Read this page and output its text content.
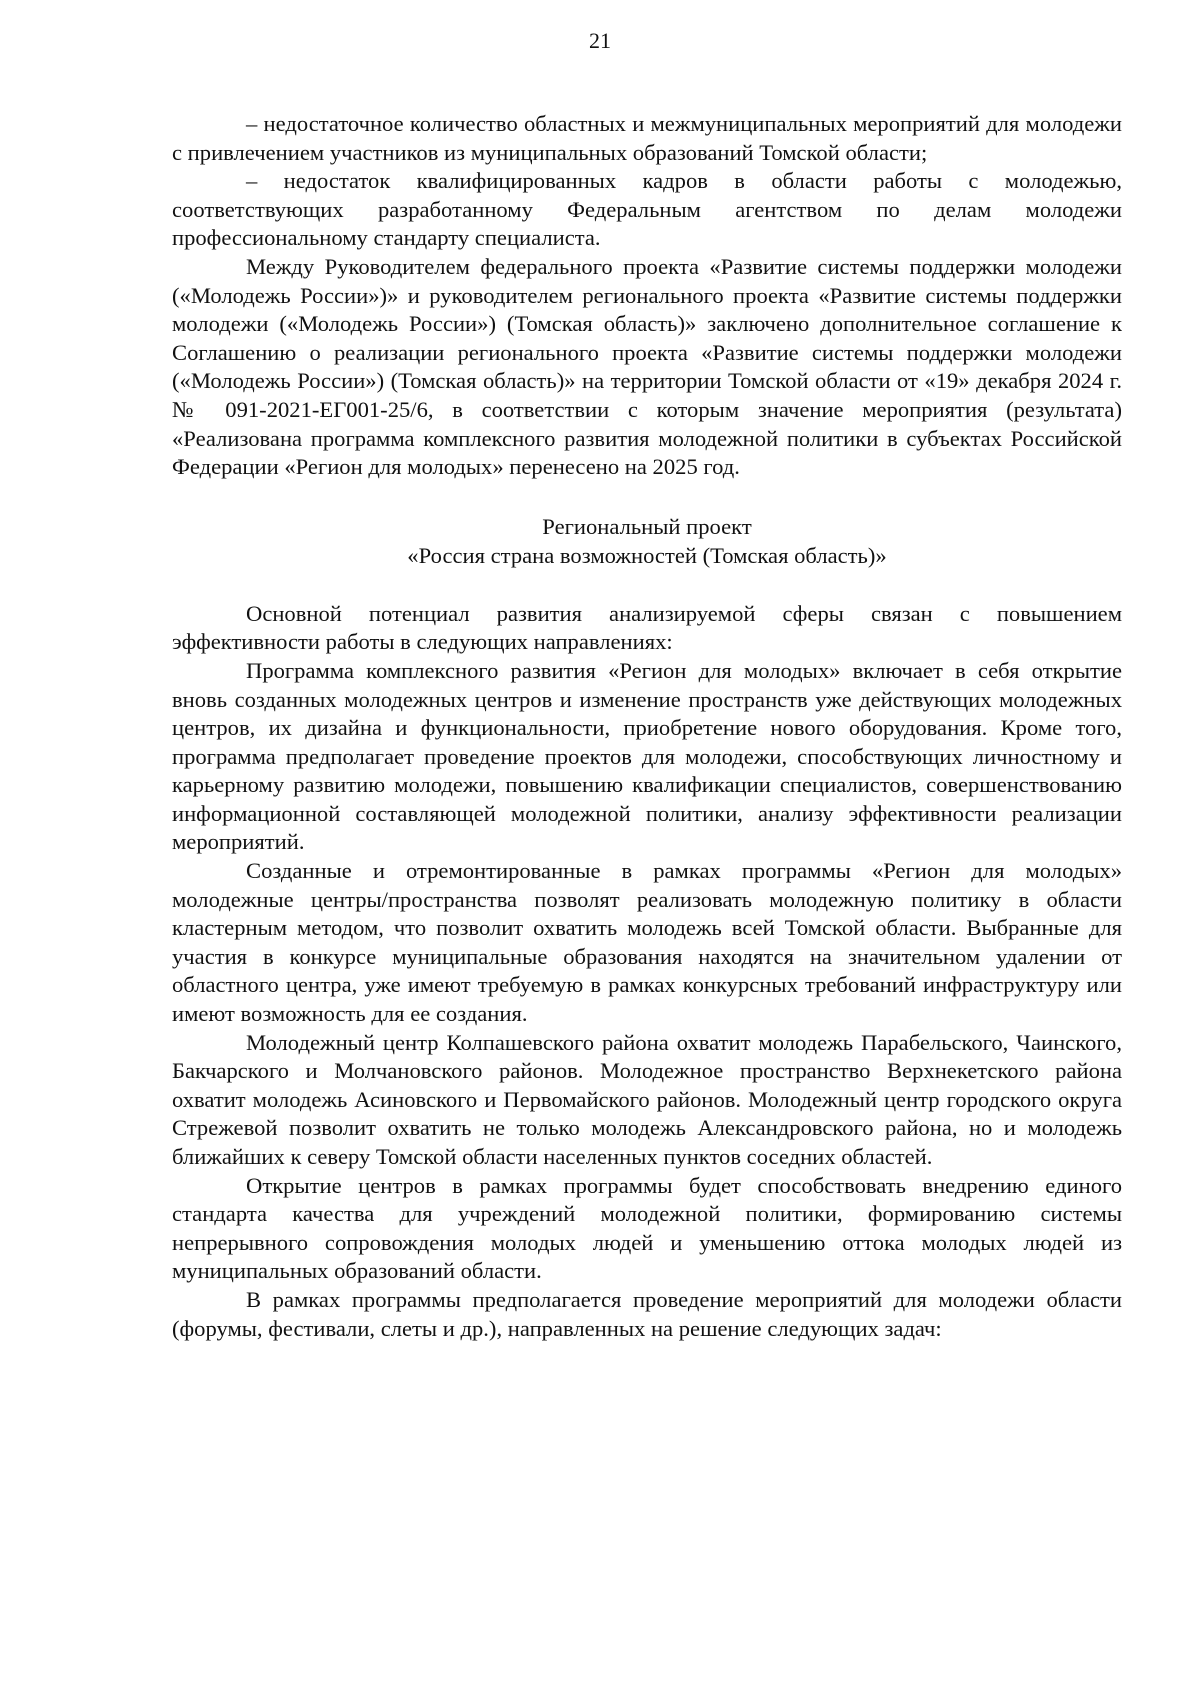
21

– недостаточное количество областных и межмуниципальных мероприятий для молодежи с привлечением участников из муниципальных образований Томской области;

– недостаток квалифицированных кадров в области работы с молодежью, соответствующих разработанному Федеральным агентством по делам молодежи профессиональному стандарту специалиста.

Между Руководителем федерального проекта «Развитие системы поддержки молодежи («Молодежь России»)» и руководителем регионального проекта «Развитие системы поддержки молодежи («Молодежь России») (Томская область)» заключено дополнительное соглашение к Соглашению о реализации регионального проекта «Развитие системы поддержки молодежи («Молодежь России») (Томская область)» на территории Томской области от «19» декабря 2024 г. № 091-2021-ЕГ001-25/6, в соответствии с которым значение мероприятия (результата) «Реализована программа комплексного развития молодежной политики в субъектах Российской Федерации «Регион для молодых» перенесено на 2025 год.

Региональный проект

«Россия страна возможностей (Томская область)»

Основной потенциал развития анализируемой сферы связан с повышением эффективности работы в следующих направлениях:

Программа комплексного развития «Регион для молодых» включает в себя открытие вновь созданных молодежных центров и изменение пространств уже действующих молодежных центров, их дизайна и функциональности, приобретение нового оборудования. Кроме того, программа предполагает проведение проектов для молодежи, способствующих личностному и карьерному развитию молодежи, повышению квалификации специалистов, совершенствованию информационной составляющей молодежной политики, анализу эффективности реализации мероприятий.

Созданные и отремонтированные в рамках программы «Регион для молодых» молодежные центры/пространства позволят реализовать молодежную политику в области кластерным методом, что позволит охватить молодежь всей Томской области. Выбранные для участия в конкурсе муниципальные образования находятся на значительном удалении от областного центра, уже имеют требуемую в рамках конкурсных требований инфраструктуру или имеют возможность для ее создания.

Молодежный центр Колпашевского района охватит молодежь Парабельского, Чаинского, Бакчарского и Молчановского районов. Молодежное пространство Верхнекетского района охватит молодежь Асиновского и Первомайского районов. Молодежный центр городского округа Стрежевой позволит охватить не только молодежь Александровского района, но и молодежь ближайших к северу Томской области населенных пунктов соседних областей.

Открытие центров в рамках программы будет способствовать внедрению единого стандарта качества для учреждений молодежной политики, формированию системы непрерывного сопровождения молодых людей и уменьшению оттока молодых людей из муниципальных образований области.

В рамках программы предполагается проведение мероприятий для молодежи области (форумы, фестивали, слеты и др.), направленных на решение следующих задач:
